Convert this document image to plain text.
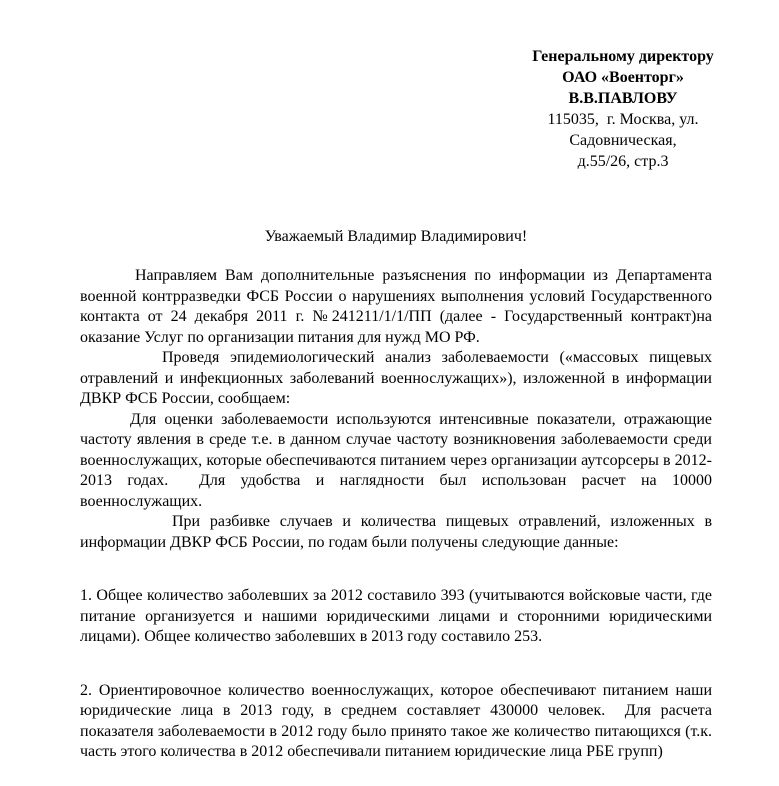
Генеральному директору
ОАО «Военторг»
В.В.ПАВЛОВУ
115035,  г. Москва, ул.
Садовническая,
д.55/26, стр.3
Уважаемый Владимир Владимирович!

Направляем Вам дополнительные разъяснения по информации из Департамента военной контрразведки ФСБ России о нарушениях выполнения условий Государственного контакта от 24 декабря 2011 г. №241211/1/1/ПП (далее - Государственный контракт)на оказание Услуг по организации питания для нужд МО РФ.

Проведя эпидемиологический анализ заболеваемости («массовых пищевых отравлений и инфекционных заболеваний военнослужащих»), изложенной в информации ДВКР ФСБ России, сообщаем:

Для оценки заболеваемости используются интенсивные показатели, отражающие частоту явления в среде т.е. в данном случае частоту возникновения заболеваемости среди военнослужащих, которые обеспечиваются питанием через организации аутсорсеры в 2012-2013 годах.  Для удобства и наглядности был использован расчет на 10000 военнослужащих.

При разбивке случаев и количества пищевых отравлений, изложенных в информации ДВКР ФСБ России, по годам были получены следующие данные:

1. Общее количество заболевших за 2012 составило 393 (учитываются войсковые части, где питание организуется и нашими юридическими лицами и сторонними юридическими лицами). Общее количество заболевших в 2013 году составило 253.

2. Ориентировочное количество военнослужащих, которое обеспечивают питанием наши юридические лица в 2013 году, в среднем составляет 430000 человек.  Для расчета показателя заболеваемости в 2012 году было принято такое же количество питающихся (т.к. часть этого количества в 2012 обеспечивали питанием юридические лица РБЕ групп)
